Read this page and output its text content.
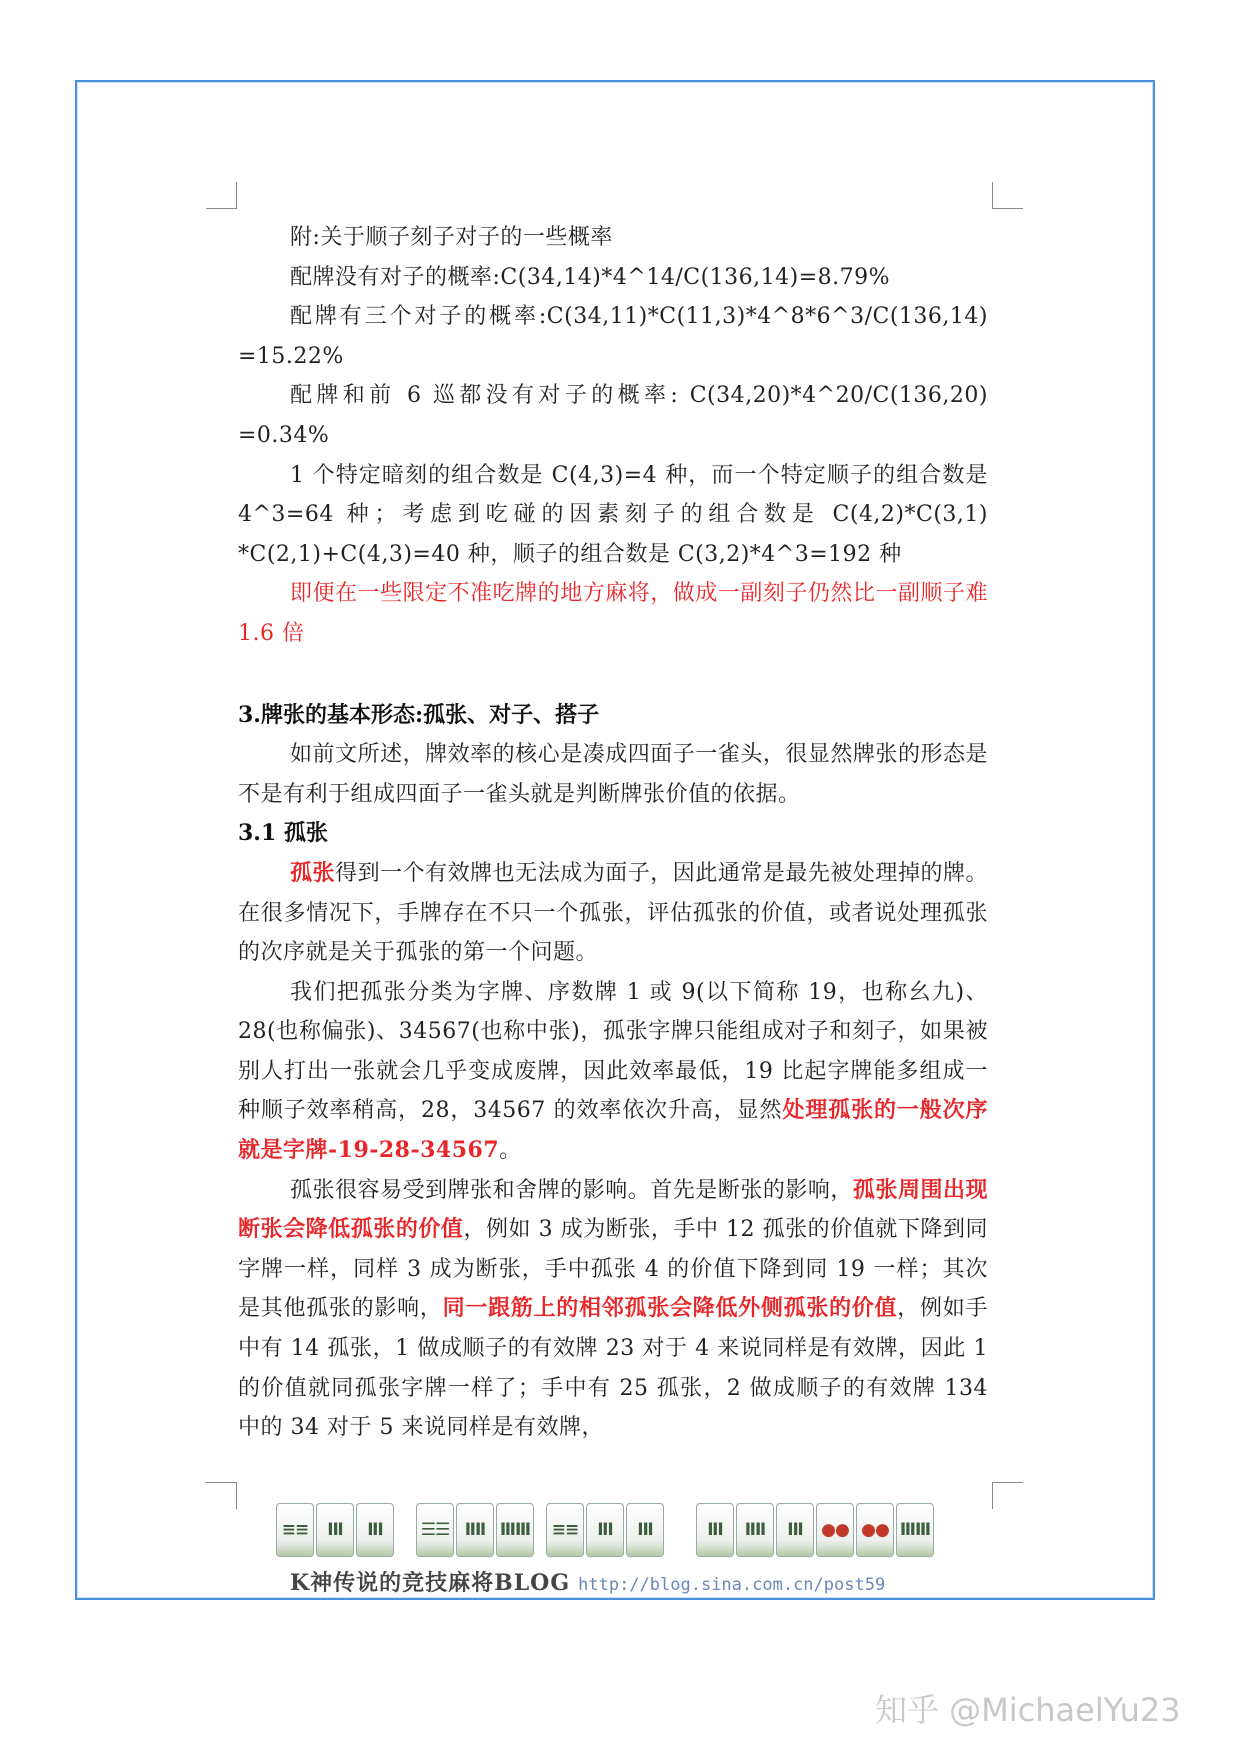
附:关于顺子刻子对子的一些概率

配牌没有对子的概率:C(34,14)*4^14/C(136,14)=8.79%

配牌有三个对子的概率:C(34,11)*C(11,3)*4^8*6^3/C(136,14) =15.22%

配牌和前 6 巡都没有对子的概率: C(34,20)*4^20/C(136,20) =0.34%

1 个特定暗刻的组合数是 C(4,3)=4 种，而一个特定顺子的组合数是 4^3=64 种；考虑到吃碰的因素刻子的组合数是 C(4,2)*C(3,1) *C(2,1)+C(4,3)=40 种，顺子的组合数是 C(3,2)*4^3=192 种

即便在一些限定不准吃牌的地方麻将，做成一副刻子仍然比一副顺子难 1.6 倍

3.牌张的基本形态:孤张、对子、搭子

如前文所述，牌效率的核心是凑成四面子一雀头，很显然牌张的形态是不是有利于组成四面子一雀头就是判断牌张价值的依据。

3.1 孤张

孤张得到一个有效牌也无法成为面子，因此通常是最先被处理掉的牌。在很多情况下，手牌存在不只一个孤张，评估孤张的价值，或者说处理孤张的次序就是关于孤张的第一个问题。

我们把孤张分类为字牌、序数牌 1 或 9(以下简称 19，也称幺九)、28(也称偏张)、34567(也称中张)，孤张字牌只能组成对子和刻子，如果被别人打出一张就会几乎变成废牌，因此效率最低，19 比起字牌能多组成一种顺子效率稍高，28，34567 的效率依次升高，显然处理孤张的一般次序就是字牌-19-28-34567。

孤张很容易受到牌张和舍牌的影响。首先是断张的影响，孤张周围出现断张会降低孤张的价值，例如 3 成为断张，手中 12 孤张的价值就下降到同字牌一样，同样 3 成为断张，手中孤张 4 的价值下降到同 19 一样；其次是其他孤张的影响，同一跟筋上的相邻孤张会降低外侧孤张的价值，例如手中有 14 孤张，1 做成顺子的有效牌 23 对于 4 来说同样是有效牌，因此 1 的价值就同孤张字牌一样了；手中有 25 孤张，2 做成顺子的有效牌 134 中的 34 对于 5 来说同样是有效牌，

≡≡ ⅠⅡ ⅡⅠ ☰☰ ⅡⅡ ⅢⅢ ≡≡ ⅡⅠ ⅠⅡ	ⅡⅠ ⅡⅡ ⅠⅡ ●● ●● ⅢⅢ
K神传说的竞技麻将BLOG http://blog.sina.com.cn/post59
知乎 @MichaelYu23
